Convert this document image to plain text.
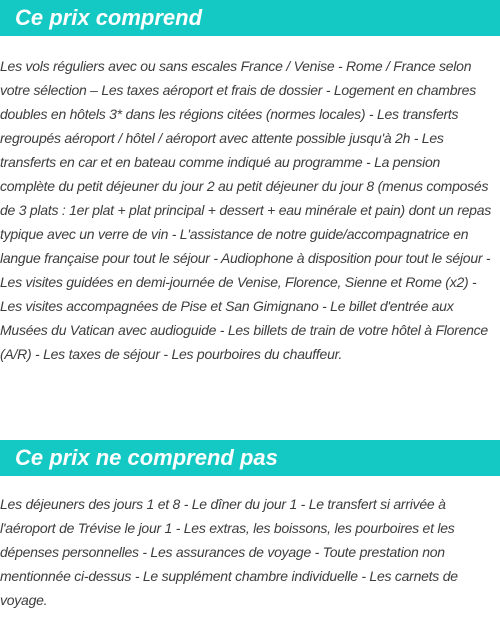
Ce prix comprend

Les vols réguliers avec ou sans escales France / Venise - Rome / France selon votre sélection – Les taxes aéroport et frais de dossier - Logement en chambres doubles en hôtels 3* dans les régions citées (normes locales) - Les transferts regroupés aéroport / hôtel / aéroport avec attente possible jusqu'à 2h - Les transferts en car et en bateau comme indiqué au programme - La pension complète du petit déjeuner du jour 2 au petit déjeuner du jour 8 (menus composés de 3 plats : 1er plat + plat principal + dessert + eau minérale et pain) dont un repas typique avec un verre de vin - L'assistance de notre guide/accompagnatrice en langue française pour tout le séjour - Audiophone à disposition pour tout le séjour - Les visites guidées en demi-journée de Venise, Florence, Sienne et Rome (x2) - Les visites accompagnées de Pise et San Gimignano - Le billet d'entrée aux Musées du Vatican avec audioguide - Les billets de train de votre hôtel à Florence (A/R) - Les taxes de séjour - Les pourboires du chauffeur.

Ce prix ne comprend pas

Les déjeuners des jours 1 et 8 - Le dîner du jour 1 - Le transfert si arrivée à l'aéroport de Trévise le jour 1 - Les extras, les boissons, les pourboires et les dépenses personnelles - Les assurances de voyage - Toute prestation non mentionnée ci-dessus - Le supplément chambre individuelle - Les carnets de voyage.
